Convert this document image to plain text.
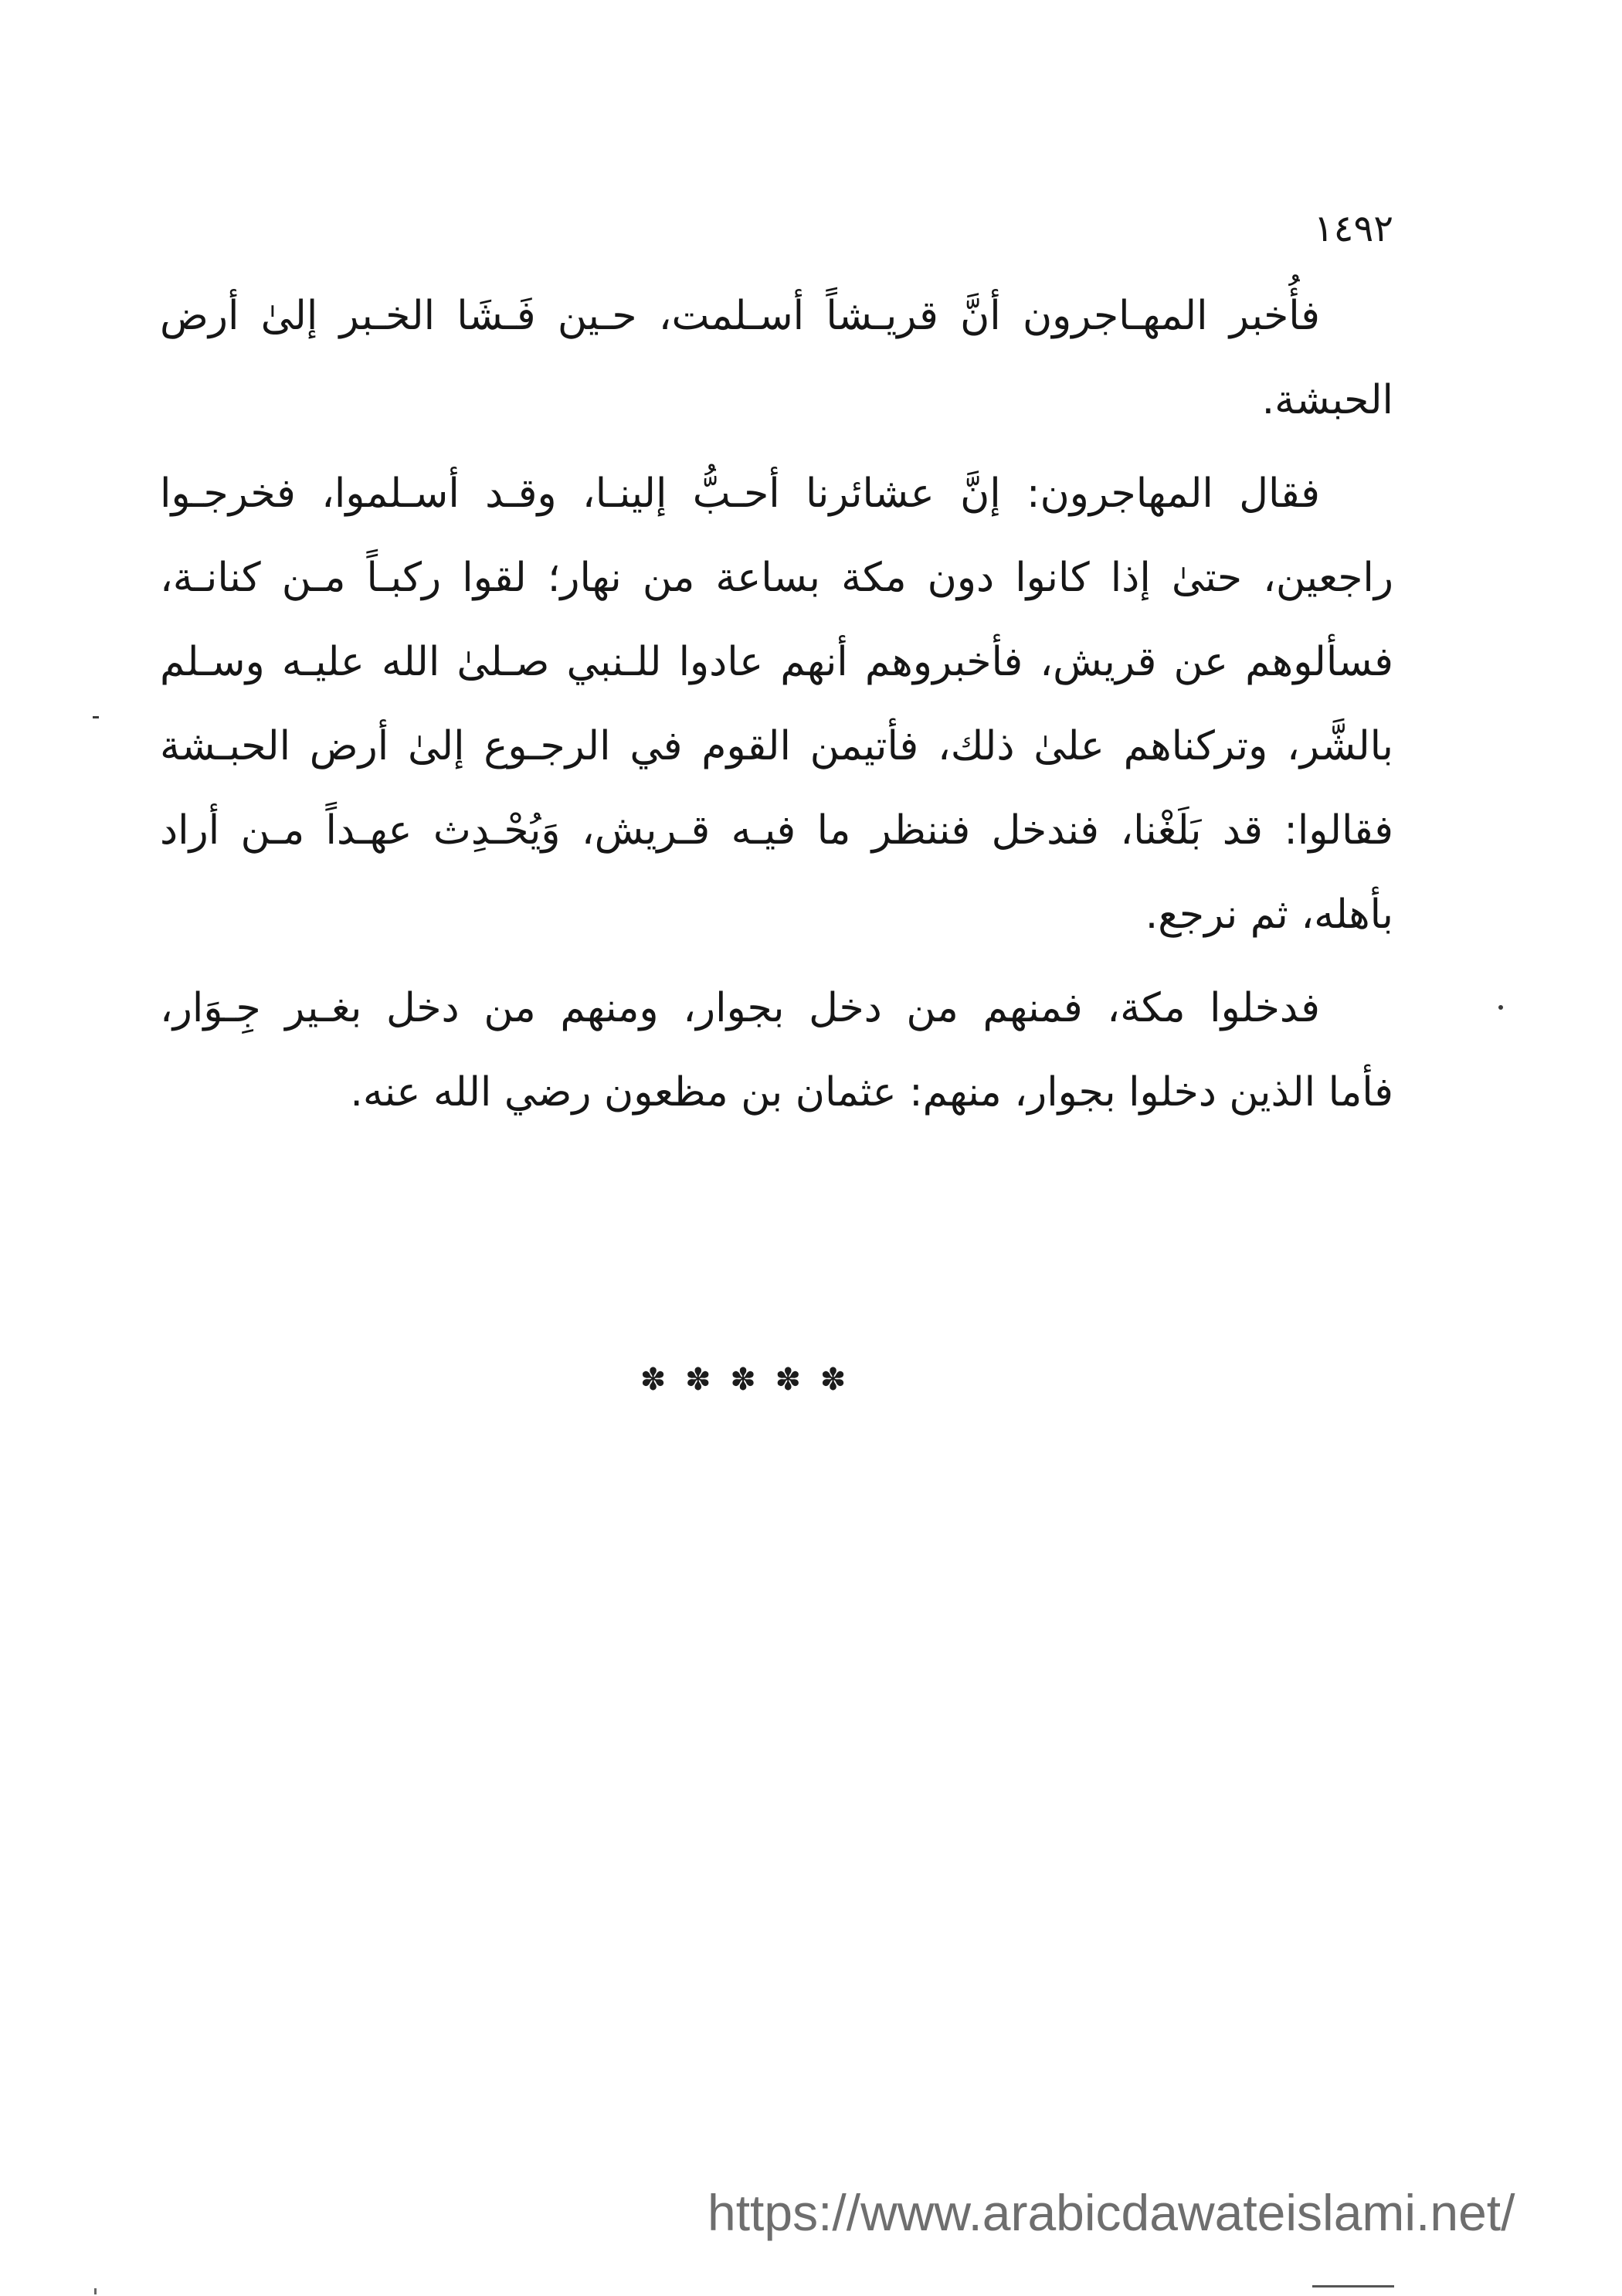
١٤٩٢
فأُخبر المهـاجرون أنَّ قريـشاً أسـلمت، حـين فَـشَا الخـبر إلىٰ أرض
الحبشة.
فقال المهاجرون: إنَّ عشائرنا أحـبُّ إلينـا، وقـد أسـلموا، فخرجـوا
راجعين، حتىٰ إذا كانوا دون مكة بساعة من نهار؛ لقوا ركبـاً مـن كنانـة،
فسألوهم عن قريش، فأخبروهم أنهم عادوا للـنبي صـلىٰ الله عليـه وسـلم
بالشَّر، وتركناهم علىٰ ذلك، فأتيمن القوم في الرجـوع إلىٰ أرض الحبـشة
فقالوا: قد بَلَغْنا، فندخل فننظر ما فيـه قـريش، وَيُحْـدِث عهـداً مـن أراد
بأهله، ثم نرجع.
فدخلوا مكة، فمنهم من دخل بجوار، ومنهم من دخل بغـير جِـوَار،
فأما الذين دخلوا بجوار، منهم: عثمان بن مظعون رضي الله عنه.
✽ ✽ ✽ ✽ ✽
https://www.arabicdawateislami.net/
